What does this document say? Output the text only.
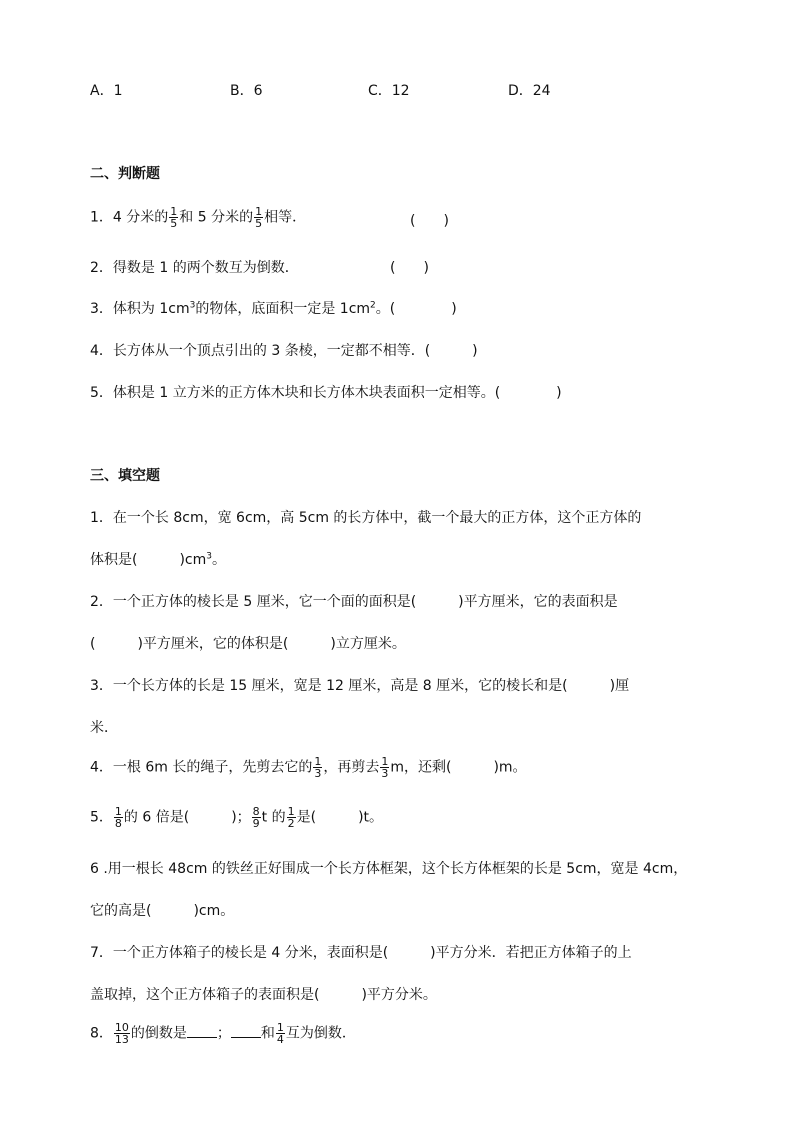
A．1	B．6	C．12	D．24
二、判断题
1．4 分米的 $\frac{1}{5}$ 和 5 分米的 $\frac{1}{5}$ 相等．	(　　)
2．得数是 1 的两个数互为倒数．	(　　)
3．体积为 $1cm^3$的物体，底面积一定是 $1cm^2$。(　　　　)
4．长方体从一个顶点引出的 3 条棱，一定都不相等．(　　　)
5．体积是 1 立方米的正方体木块和长方体木块表面积一定相等。(　　　　)
三、填空题
1．在一个长 8cm，宽 6cm，高 5cm 的长方体中，截一个最大的正方体，这个正方体的
体积是(　　　)$cm^3$。
2．一个正方体的棱长是 5 厘米，它一个面的面积是(　　　)平方厘米，它的表面积是
(　　　)平方厘米，它的体积是(　　　)立方厘米。
3．一个长方体的长是 15 厘米，宽是 12 厘米，高是 8 厘米，它的棱长和是(　　　)厘
米．
4．一根 6m 长的绳子，先剪去它的 $\frac{1}{3}$ ，再剪去 $\frac{1}{3}$ m，还剩(　　　)m。
5． $\frac{1}{8}$ 的 6 倍是(　　　)； $\frac{8}{9}$ t 的 $\frac{1}{2}$ 是(　　　)t。
6 .用一根长 48cm 的铁丝正好围成一个长方体框架，这个长方体框架的长是 5cm，宽是 4cm，
它的高是(　　　)cm。
7．一个正方体箱子的棱长是 4 分米，表面积是(　　　)平方分米．若把正方体箱子的上
盖取掉，这个正方体箱子的表面积是(　　　)平方分米。
8． $\frac{10}{13}$ 的倒数是 ； 和 $\frac{1}{4}$ 互为倒数．
